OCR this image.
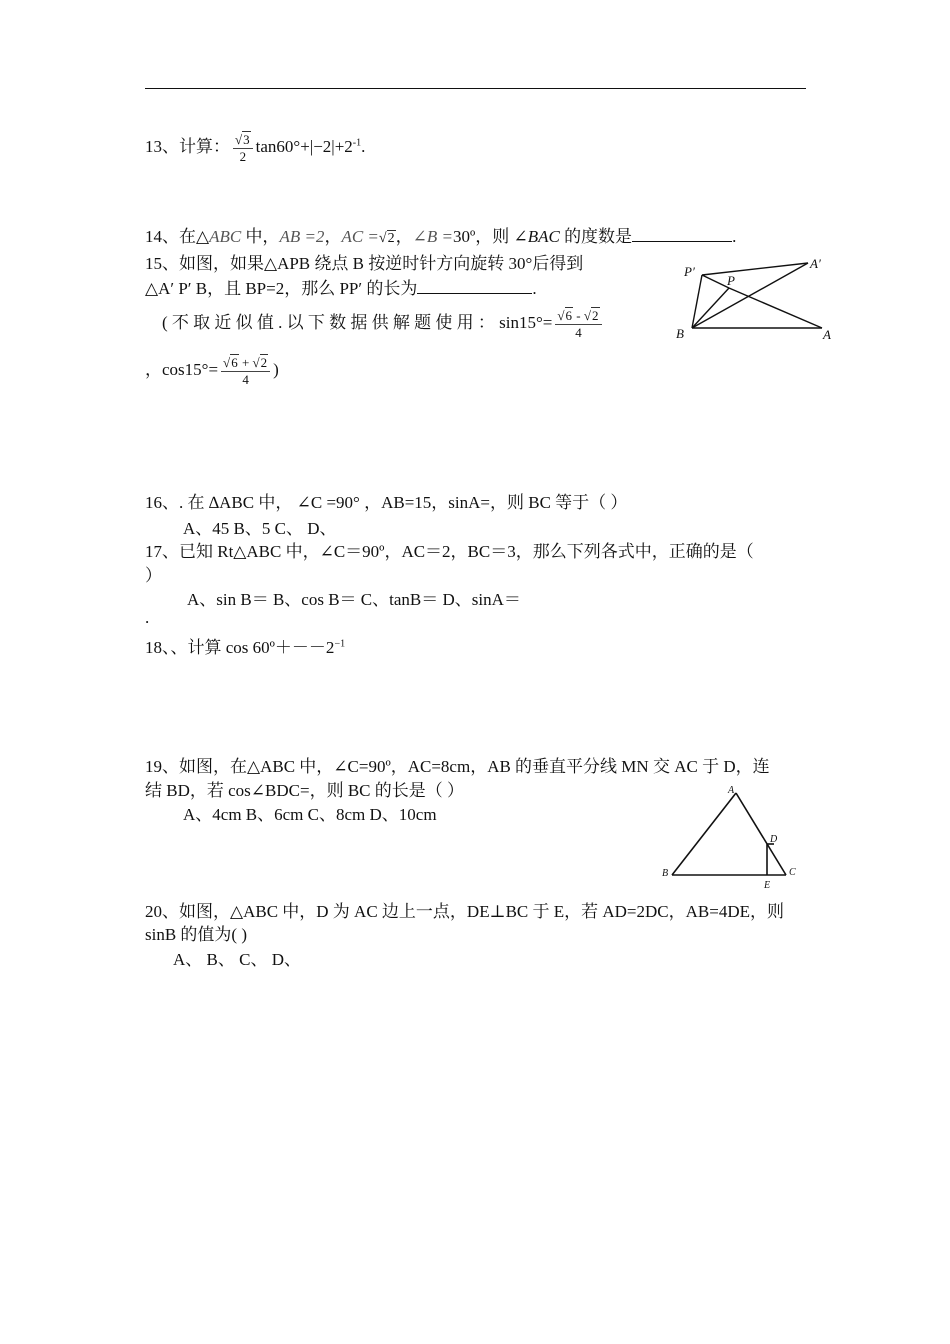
13、计算： $\frac{√3}{2} \tan 60^\circ+|-2|+2^{-1}$.
14、在△ABC 中，AB =2，AC =√2，∠B =30º，则 ∠BAC 的度数是	.
15、如图，如果△APB 绕点 B 按逆时针方向旋转 30°后得到
△A′ P′ B，且 BP=2，那么 PP′ 的长为	.
( 不 取 近 似 值 . 以 下 数 据 供 解 题 使 用 ： $\sin 15^\circ= \frac{√6 - √2}{4}$
，$\cos 15^\circ= \frac{√6 + √2}{4}$ )
P′
A′
P
B	A
16、. 在 ∆ABC 中， ∠C =90° ，AB=15，sinA=，则 BC 等于（ ）
A、45 B、5 C、 D、
17、已知 Rt△ABC 中，∠C＝90º，AC＝2，BC＝3，那么下列各式中，正确的是（
）
A、sin B＝ B、cos B＝ C、tanB＝ D、sinA＝
.
18、、计算 $\cos 60º+--2^{-1}$
19、如图，在△ABC 中，∠C=90º，AC=8cm，AB 的垂直平分线 MN 交 AC 于 D，连
结 BD，若 cos∠BDC=，则 BC 的长是（ ）
A、4cm B、6cm C、8cm D、10cm
A
D
B
E
C
20、如图，△ABC 中，D 为 AC 边上一点，DE⊥BC 于 E，若 AD=2DC，AB=4DE，则
sinB 的值为( )
A、 B、 C、 D、
